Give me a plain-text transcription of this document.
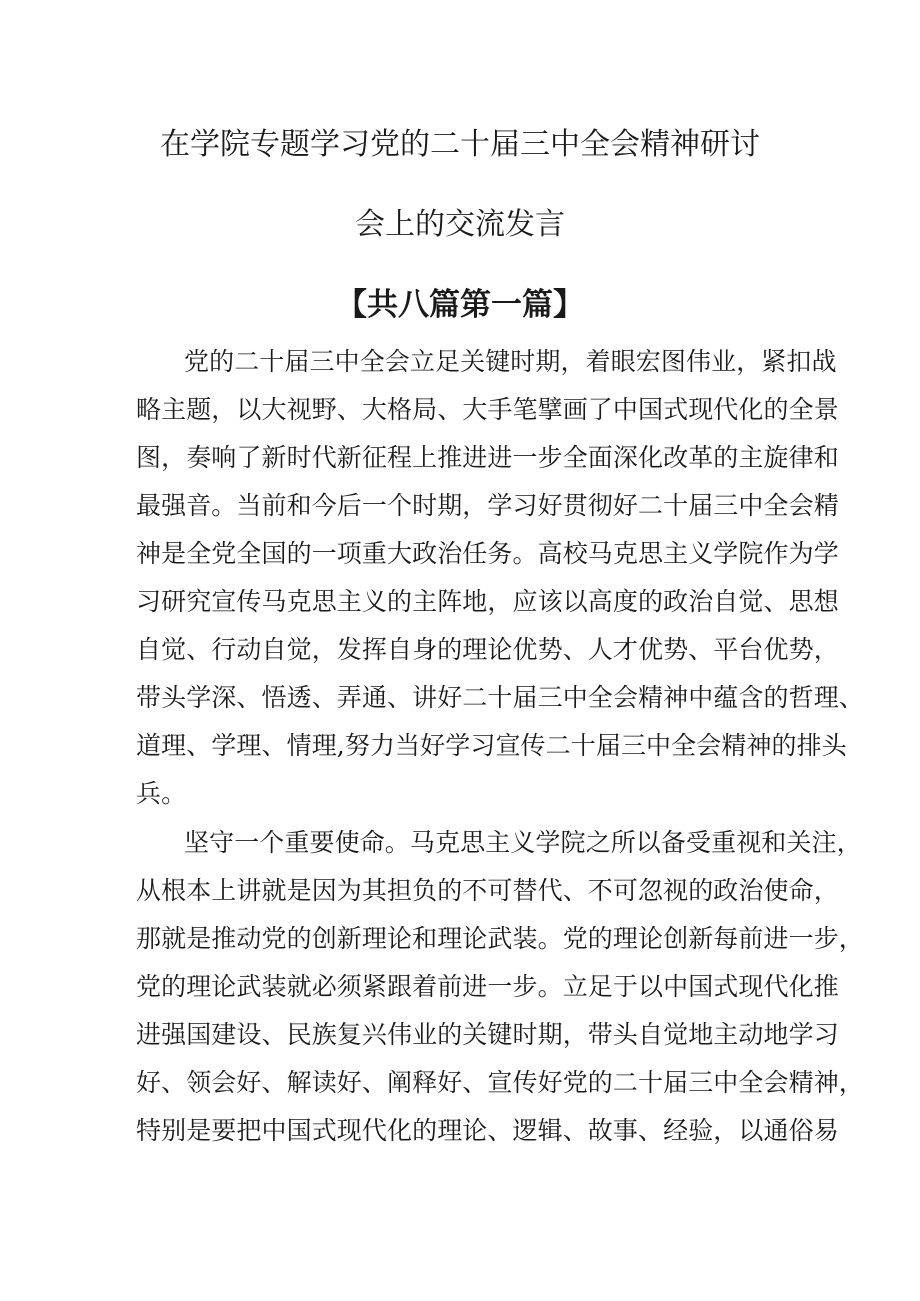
在学院专题学习党的二十届三中全会精神研讨
会上的交流发言
【共八篇第一篇】
党的二十届三中全会立足关键时期，着眼宏图伟业，紧扣战
略主题，以大视野、大格局、大手笔擘画了中国式现代化的全景
图，奏响了新时代新征程上推进进一步全面深化改革的主旋律和
最强音。当前和今后一个时期，学习好贯彻好二十届三中全会精
神是全党全国的一项重大政治任务。高校马克思主义学院作为学
习研究宣传马克思主义的主阵地，应该以高度的政治自觉、思想
自觉、行动自觉，发挥自身的理论优势、人才优势、平台优势，
带头学深、悟透、弄通、讲好二十届三中全会精神中蕴含的哲理、
道理、学理、情理,努力当好学习宣传二十届三中全会精神的排头
兵。
坚守一个重要使命。马克思主义学院之所以备受重视和关注，
从根本上讲就是因为其担负的不可替代、不可忽视的政治使命，
那就是推动党的创新理论和理论武装。党的理论创新每前进一步，
党的理论武装就必须紧跟着前进一步。立足于以中国式现代化推
进强国建设、民族复兴伟业的关键时期，带头自觉地主动地学习
好、领会好、解读好、阐释好、宣传好党的二十届三中全会精神，
特别是要把中国式现代化的理论、逻辑、故事、经验，以通俗易
